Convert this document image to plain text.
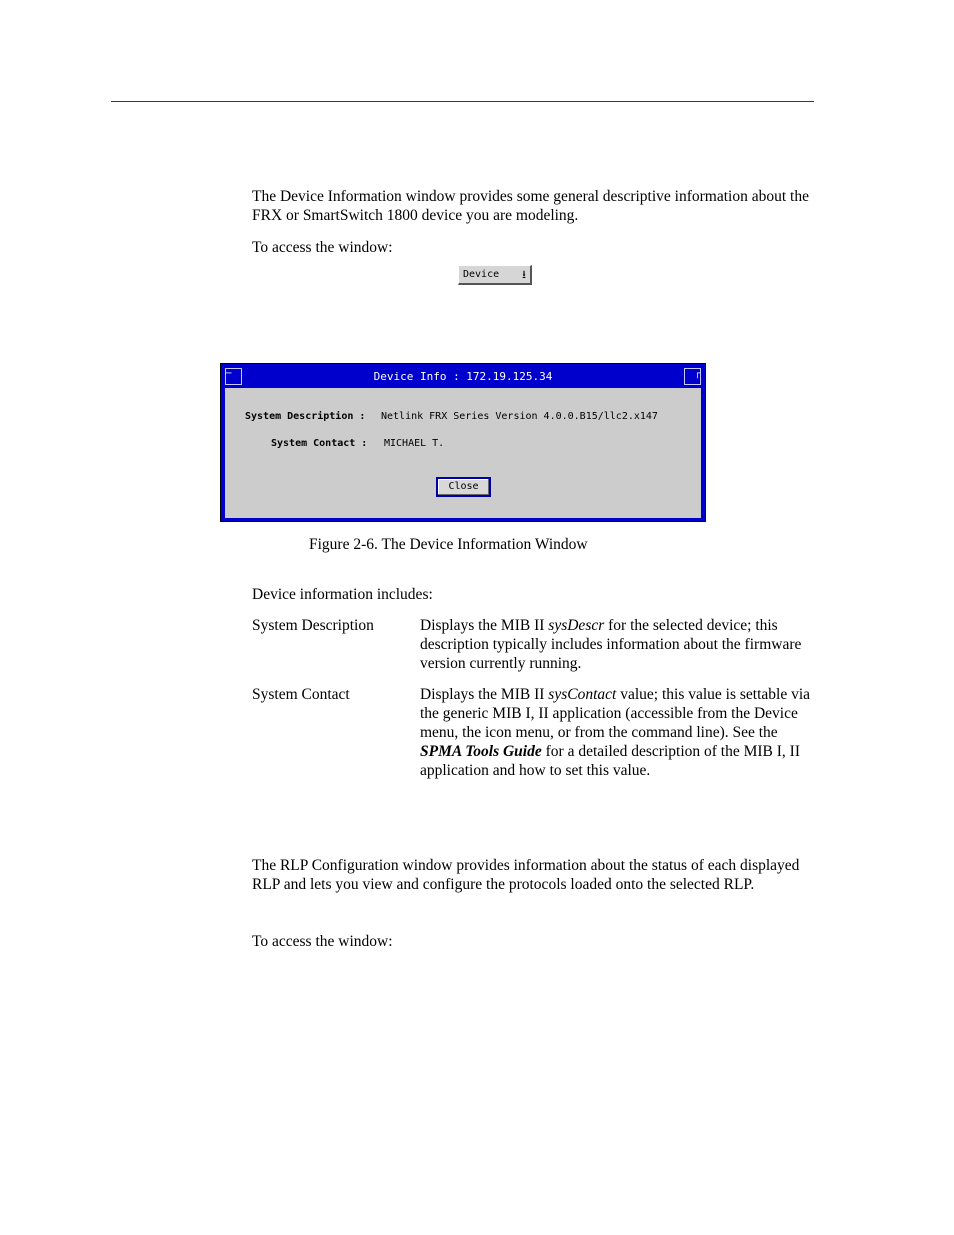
The Device Information window provides some general descriptive information about the FRX or SmartSwitch 1800 device you are modeling.

To access the window:

Device ⭳
Device Info : 172.19.125.34
─	┌
System Description : Netlink FRX Series Version 4.0.0.B15/llc2.x147
System Contact : MICHAEL T.
Close
Figure 2-6. The Device Information Window

Device information includes:

System Description	Displays the MIB II sysDescr for the selected device; this description typically includes information about the firmware version currently running.
System Contact	Displays the MIB II sysContact value; this value is settable via the generic MIB I, II application (accessible from the Device menu, the icon menu, or from the command line). See the SPMA Tools Guide for a detailed description of the MIB I, II application and how to set this value.

The RLP Configuration window provides information about the status of each displayed RLP and lets you view and configure the protocols loaded onto the selected RLP.

To access the window:
